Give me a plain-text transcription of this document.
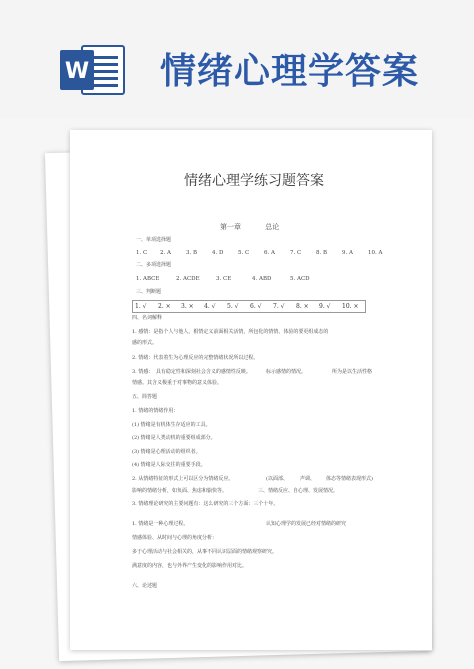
W 情绪心理学答案
情绪心理学练习题答案
第一章	总论
一、单项选择题
1. C 2. A	3. B	4. D	5. C	6. A	7. C	8. B	9. A	10. A
二、多项选择题
1. ABCE	2. ACDE	3. CE	4. ABD	5. ACD
三、判断题
1. √ 2. × 3. × 4. √ 5. √ 6. √ 7. √ 8. × 9. √ 10. ×
四、名词解释
1. 感情：是指个人与他人，根情定义前面相关活情，所包化的情情、体验的要更组成态的
感的形式。
2. 情绪：代表着生为心理反应的完整情绪状况所以过程。
3. 情感：　具有稳定性和深刻社会含义的感情性反映。	标示感情的情况。	所为是以生活性格
情感。其含义极重于对事物的意义体验。
五、简答题
1. 情绪的情绪作用：
(1) 情绪是有机体生存适应的工具。
(2) 情绪是人类动机的重要组成部分。
(3) 情绪是心理活动的组织者。
(4) 情绪是人际交往的重要手段。
2. 从情绪特征的形式上可以区分为情绪反应。	(以面部、 声调、 体态等情绪表现形式)
影响的情绪分析，如负面、焦虑和愉快等。	三、情绪反应、自心理、发展情况。
3. 情绪理论研究的主要问题有：这么研究的三个方面：三个十年。
1. 情绪是一种心理过程。	认知心理学的发展已经对情绪的研究
情感体验、从时间与心理的角度分析：
多于心理活动与社会相关的，从事不同认识层面的情绪观察研究。
满意度的内容，也与外界产生变化的影响作用对比。
六、论述题
